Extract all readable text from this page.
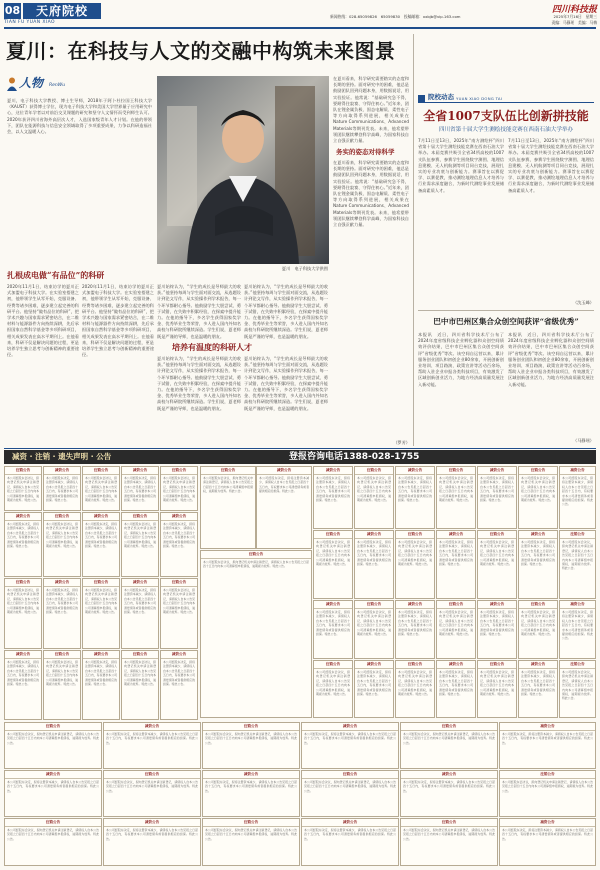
08	天府院校
TIAN FU YUAN XIAO
新闻热线：028-65059826　65059830　投稿邮箱：xxbjb@vip.163.com
四川科技报
2025年7月16日　星期三
责编：马静瑶　美编：马梅
夏川：在科技与人文的交融中构筑未来图景
人物 RenWu
夏川，电子科技大学教授、博士生导师，2018年于阿卜杜拉国王科技大学（KAUST）获得博士学位，现为电子科技大学和美国大学世界量子应用研究中心，这位青年学者以对前沿交叉课题的研究和坚守人文情怀而受到师生认可。2020年获评四川省海外高层次人才，入选国家级青年人才计划。在他的带领下，团队在能源科技与信息安全领域取得了多项重要成果，力争以科研造福社会，以人文温暖人心。
夏川　电子科技大学供图
扎根成电做“有品位”的科研
2020年11月1日，结束访学的夏川正式加盟电子科技大学。在实验室搭建之初，他带领学生从零开始，克服设备、经费等诸多困难，逐步建立起完善的科研平台。他坚持“做有品位的科研”，把学术兴趣与国家需求紧密结合，在二维材料与能源器件方向持续深耕，先后承担国家自然科学基金等多项科研项目，相关成果发表在高水平期刊上。在他看来，科研不仅是解决问题的过程，更是培养学生独立思考与创新精神的重要途径。
2020年11月1日，结束访学的夏川正式加盟电子科技大学。在实验室搭建之初，他带领学生从零开始，克服设备、经费等诸多困难，逐步建立起完善的科研平台。他坚持“做有品位的科研”，把学术兴趣与国家需求紧密结合，在二维材料与能源器件方向持续深耕，先后承担国家自然科学基金等多项科研项目，相关成果发表在高水平期刊上。在他看来，科研不仅是解决问题的过程，更是培养学生独立思考与创新精神的重要途径。
培养有温度的科研人才
夏川始终认为，“学生的成长是导师最大的收获。”他坚持每周与学生面对面交流，从选题设计到论文写作，从实验操作到学术报告，每一个环节都耐心指导。他鼓励学生大胆尝试、勇于试错，在失败中积累经验，在探索中提升能力。在他的指导下，多名学生获得国家奖学金、优秀毕业生等荣誉，多人进入国内外知名高校与科研院所继续深造。学生们说，夏老师既是严谨的导师，也是温暖的朋友。
夏川始终认为，“学生的成长是导师最大的收获。”他坚持每周与学生面对面交流，从选题设计到论文写作，从实验操作到学术报告，每一个环节都耐心指导。他鼓励学生大胆尝试、勇于试错，在失败中积累经验，在探索中提升能力。在他的指导下，多名学生获得国家奖学金、优秀毕业生等荣誉，多人进入国内外知名高校与科研院所继续深造。学生们说，夏老师既是严谨的导师，也是温暖的朋友。
夏川始终认为，“学生的成长是导师最大的收获。”他坚持每周与学生面对面交流，从选题设计到论文写作，从实验操作到学术报告，每一个环节都耐心指导。他鼓励学生大胆尝试、勇于试错，在失败中积累经验，在探索中提升能力。在他的指导下，多名学生获得国家奖学金、优秀毕业生等荣誉，多人进入国内外知名高校与科研院所继续深造。学生们说，夏老师既是严谨的导师，也是温暖的朋友。
夏川始终认为，“学生的成长是导师最大的收获。”他坚持每周与学生面对面交流，从选题设计到论文写作，从实验操作到学术报告，每一个环节都耐心指导。他鼓励学生大胆尝试、勇于试错，在失败中积累经验，在探索中提升能力。在他的指导下，多名学生获得国家奖学金、优秀毕业生等荣誉，多人进入国内外知名高校与科研院所继续深造。学生们说，夏老师既是严谨的导师，也是温暖的朋友。
在夏川看来，科学研究需要踏实的态度和长期的坚持。面对研究中的困难，他总是鼓励团队回到问题本身，用数据说话，用实验验证。他常说：“基础研究急不得，要耐得住寂寞、守得住初心。”近年来，团队在锂金属负极、固态电解质、柔性电子等方向取得系列进展，相关成果在Nature Communications、Advanced Materials等期刊发表。未来，他希望带领团队继续攀登科学高峰，为国家科技自立自强贡献力量。
务实的姿态对待科学
在夏川看来，科学研究需要踏实的态度和长期的坚持。面对研究中的困难，他总是鼓励团队回到问题本身，用数据说话，用实验验证。他常说：“基础研究急不得，要耐得住寂寞、守得住初心。”近年来，团队在锂金属负极、固态电解质、柔性电子等方向取得系列进展，相关成果在Nature Communications、Advanced Materials等期刊发表。未来，他希望带领团队继续攀登科学高峰，为国家科技自立自强贡献力量。
（罗芳）
院校动态 YUAN XIAO DONG TAI
全省1007支队伍比创新拼技能
四川省第十届大学生测绘技能竞赛在西南石油大学举办
7月11日至13日，2025年“南方测绘杯”四川省第十届大学生测绘技能竞赛在西南石油大学举办。本届竞赛共吸引全省34所高校的1007支队伍参赛，参赛学生围绕数字测图、地理信息建模、无人机航测等项目同台竞技，展现扎实的专业功底与创新能力。赛事旨在以赛促学、以赛促教，推动测绘地理信息人才培养与行业需求深度融合，为新时代测绘事业发展储备高素质人才。
7月11日至13日，2025年“南方测绘杯”四川省第十届大学生测绘技能竞赛在西南石油大学举办。本届竞赛共吸引全省34所高校的1007支队伍参赛，参赛学生围绕数字测图、地理信息建模、无人机航测等项目同台竞技，展现扎实的专业功底与创新能力。赛事旨在以赛促学、以赛促教，推动测绘地理信息人才培养与行业需求深度融合，为新时代测绘事业发展储备高素质人才。
（沈玉峰）
巴中市巴州区集合众创空间获评“省级优秀”
本报讯　近日，四川省科学技术厅公布了2024年度省级科技企业孵化器和众创空间绩效评价结果，巴中市巴州区集合众创空间获评“省级优秀”等次。该空间自运营以来，累计服务创业团队和初创企业80余家，开展创新创业培训、项目路演、政策宣讲等活动百余场，帮助入驻企业申报各类科技项目，有效激发了区域创新创业活力，为地方经济高质量发展注入新动能。
本报讯　近日，四川省科学技术厅公布了2024年度省级科技企业孵化器和众创空间绩效评价结果，巴中市巴州区集合众创空间获评“省级优秀”等次。该空间自运营以来，累计服务创业团队和初创企业80余家，开展创新创业培训、项目路演、政策宣讲等活动百余场，帮助入驻企业申报各类科技项目，有效激发了区域创新创业活力，为地方经济高质量发展注入新动能。
（马静瑶）
减资 · 注销 · 遗失声明 · 公告	登报咨询电话1388-028-1755
注销公告
本公司经股东会决议，拟向登记机关申请注销登记，请债权人自本公告见报之日起四十五日内向本公司清算组申报债权，逾期视为放弃。特此公告。
减资公告
本公司经股东决定，拟将注册资本减少，请债权人自本公告见报之日起四十五日内，有权要求本公司清偿债务或者提供相应的担保。特此公告。
注销公告
本公司经股东会决议，拟向登记机关申请注销登记，请债权人自本公告见报之日起四十五日内向本公司清算组申报债权，逾期视为放弃。特此公告。
减资公告
本公司经股东决定，拟将注册资本减少，请债权人自本公告见报之日起四十五日内，有权要求本公司清偿债务或者提供相应的担保。特此公告。
减资公告
本公司经股东决定，拟将注册资本减少，请债权人自本公告见报之日起四十五日内，有权要求本公司清偿债务或者提供相应的担保。特此公告。
注销公告
本公司经股东会决议，拟向登记机关申请注销登记，请债权人自本公告见报之日起四十五日内向本公司清算组申报债权，逾期视为放弃。特此公告。
减资公告
本公司经股东决定，拟将注册资本减少，请债权人自本公告见报之日起四十五日内，有权要求本公司清偿债务或者提供相应的担保。特此公告。
注销公告
本公司经股东会决议，拟向登记机关申请注销登记，请债权人自本公告见报之日起四十五日内向本公司清算组申报债权，逾期视为放弃。特此公告。
注销公告
本公司经股东会决议，拟向登记机关申请注销登记，请债权人自本公告见报之日起四十五日内向本公司清算组申报债权，逾期视为放弃。特此公告。
减资公告
本公司经股东决定，拟将注册资本减少，请债权人自本公告见报之日起四十五日内，有权要求本公司清偿债务或者提供相应的担保。特此公告。
注销公告
本公司经股东会决议，拟向登记机关申请注销登记，请债权人自本公告见报之日起四十五日内向本公司清算组申报债权，逾期视为放弃。特此公告。
减资公告
本公司经股东决定，拟将注册资本减少，请债权人自本公告见报之日起四十五日内，有权要求本公司清偿债务或者提供相应的担保。特此公告。
减资公告
本公司经股东决定，拟将注册资本减少，请债权人自本公告见报之日起四十五日内，有权要求本公司清偿债务或者提供相应的担保。特此公告。
注销公告
本公司经股东会决议，拟向登记机关申请注销登记，请债权人自本公告见报之日起四十五日内向本公司清算组申报债权，逾期视为放弃。特此公告。
减资公告
本公司经股东决定，拟将注册资本减少，请债权人自本公告见报之日起四十五日内，有权要求本公司清偿债务或者提供相应的担保。特此公告。
注销公告
本公司经股东会决议，拟向登记机关申请注销登记，请债权人自本公告见报之日起四十五日内向本公司清算组申报债权，逾期视为放弃。特此公告。
注销公告
本公司经股东会决议，拟向登记机关申请注销登记，请债权人自本公告见报之日起四十五日内向本公司清算组申报债权，逾期视为放弃。特此公告。
减资公告
本公司经股东决定，拟将注册资本减少，请债权人自本公告见报之日起四十五日内，有权要求本公司清偿债务或者提供相应的担保。特此公告。
注销公告
本公司经股东会决议，拟向登记机关申请注销登记，请债权人自本公告见报之日起四十五日内向本公司清算组申报债权，逾期视为放弃。特此公告。
减资公告
本公司经股东决定，拟将注册资本减少，请债权人自本公告见报之日起四十五日内，有权要求本公司清偿债务或者提供相应的担保。特此公告。
注销公告
本公司经股东会决议，拟向登记机关申请注销登记，请债权人自本公告见报之日起四十五日内向本公司清算组申报债权，逾期视为放弃。特此公告。
减资公告
本公司经股东决定，拟将注册资本减少，请债权人自本公告见报之日起四十五日内，有权要求本公司清偿债务或者提供相应的担保。特此公告。
注销公告
本公司经股东会决议，拟向登记机关申请注销登记，请债权人自本公告见报之日起四十五日内向本公司清算组申报债权，逾期视为放弃。特此公告。
减资公告
本公司经股东决定，拟将注册资本减少，请债权人自本公告见报之日起四十五日内，有权要求本公司清偿债务或者提供相应的担保。特此公告。
注销公告
本公司经股东会决议，拟向登记机关申请注销登记，请债权人自本公告见报之日起四十五日内向本公司清算组申报债权，逾期视为放弃。特此公告。
减资公告
本公司经股东决定，拟将注册资本减少，请债权人自本公告见报之日起四十五日内，有权要求本公司清偿债务或者提供相应的担保。特此公告。
注销公告
本公司经股东会决议，拟向登记机关申请注销登记，请债权人自本公告见报之日起四十五日内向本公司清算组申报债权，逾期视为放弃。特此公告。
注销公告
本公司经股东会决议，拟向登记机关申请注销登记，请债权人自本公告见报之日起四十五日内向本公司清算组申报债权，逾期视为放弃。特此公告。
减资公告
本公司经股东决定，拟将注册资本减少，请债权人自本公告见报之日起四十五日内，有权要求本公司清偿债务或者提供相应的担保。特此公告。
注销公告
本公司经股东会决议，拟向登记机关申请注销登记，请债权人自本公告见报之日起四十五日内向本公司清算组申报债权，逾期视为放弃。特此公告。
减资公告
本公司经股东决定，拟将注册资本减少，请债权人自本公告见报之日起四十五日内，有权要求本公司清偿债务或者提供相应的担保。特此公告。
减资公告
本公司经股东决定，拟将注册资本减少，请债权人自本公告见报之日起四十五日内，有权要求本公司清偿债务或者提供相应的担保。特此公告。
注销公告
本公司经股东会决议，拟向登记机关申请注销登记，请债权人自本公告见报之日起四十五日内向本公司清算组申报债权，逾期视为放弃。特此公告。
减资公告
本公司经股东决定，拟将注册资本减少，请债权人自本公告见报之日起四十五日内，有权要求本公司清偿债务或者提供相应的担保。特此公告。
注销公告
本公司经股东会决议，拟向登记机关申请注销登记，请债权人自本公告见报之日起四十五日内向本公司清算组申报债权，逾期视为放弃。特此公告。
注销公告
本公司经股东会决议，拟向登记机关申请注销登记，请债权人自本公告见报之日起四十五日内向本公司清算组申报债权，逾期视为放弃。特此公告。
减资公告
本公司经股东决定，拟将注册资本减少，请债权人自本公告见报之日起四十五日内，有权要求本公司清偿债务或者提供相应的担保。特此公告。
注销公告
本公司经股东会决议，拟向登记机关申请注销登记，请债权人自本公告见报之日起四十五日内向本公司清算组申报债权，逾期视为放弃。特此公告。
减资公告
本公司经股东决定，拟将注册资本减少，请债权人自本公告见报之日起四十五日内，有权要求本公司清偿债务或者提供相应的担保。特此公告。
减资公告
本公司经股东决定，拟将注册资本减少，请债权人自本公告见报之日起四十五日内，有权要求本公司清偿债务或者提供相应的担保。特此公告。
注销公告
本公司经股东会决议，拟向登记机关申请注销登记，请债权人自本公告见报之日起四十五日内向本公司清算组申报债权，逾期视为放弃。特此公告。
减资公告
本公司经股东决定，拟将注册资本减少，请债权人自本公告见报之日起四十五日内，有权要求本公司清偿债务或者提供相应的担保。特此公告。
注销公告
本公司经股东会决议，拟向登记机关申请注销登记，请债权人自本公告见报之日起四十五日内向本公司清算组申报债权，逾期视为放弃。特此公告。
注销公告
本公司经股东会决议，拟向登记机关申请注销登记，请债权人自本公告见报之日起四十五日内向本公司清算组申报债权，逾期视为放弃。特此公告。
减资公告
本公司经股东决定，拟将注册资本减少，请债权人自本公告见报之日起四十五日内，有权要求本公司清偿债务或者提供相应的担保。特此公告。
注销公告
本公司经股东会决议，拟向登记机关申请注销登记，请债权人自本公告见报之日起四十五日内向本公司清算组申报债权，逾期视为放弃。特此公告。
减资公告
本公司经股东决定，拟将注册资本减少，请债权人自本公告见报之日起四十五日内，有权要求本公司清偿债务或者提供相应的担保。特此公告。
减资公告
本公司经股东决定，拟将注册资本减少，请债权人自本公告见报之日起四十五日内，有权要求本公司清偿债务或者提供相应的担保。特此公告。
注销公告
本公司经股东会决议，拟向登记机关申请注销登记，请债权人自本公告见报之日起四十五日内向本公司清算组申报债权，逾期视为放弃。特此公告。
减资公告
本公司经股东决定，拟将注册资本减少，请债权人自本公告见报之日起四十五日内，有权要求本公司清偿债务或者提供相应的担保。特此公告。
注销公告
本公司经股东会决议，拟向登记机关申请注销登记，请债权人自本公告见报之日起四十五日内向本公司清算组申报债权，逾期视为放弃。特此公告。
注销公告
本公司经股东会决议，拟向登记机关申请注销登记，请债权人自本公告见报之日起四十五日内向本公司清算组申报债权，逾期视为放弃。特此公告。
减资公告
本公司经股东决定，拟将注册资本减少，请债权人自本公告见报之日起四十五日内，有权要求本公司清偿债务或者提供相应的担保。特此公告。
注销公告
本公司经股东会决议，拟向登记机关申请注销登记，请债权人自本公告见报之日起四十五日内向本公司清算组申报债权，逾期视为放弃。特此公告。
减资公告
本公司经股东决定，拟将注册资本减少，请债权人自本公告见报之日起四十五日内，有权要求本公司清偿债务或者提供相应的担保。特此公告。
注销公告
本公司经股东会决议，拟向登记机关申请注销登记，请债权人自本公告见报之日起四十五日内向本公司清算组申报债权，逾期视为放弃。特此公告。
减资公告
本公司经股东决定，拟将注册资本减少，请债权人自本公告见报之日起四十五日内，有权要求本公司清偿债务或者提供相应的担保。特此公告。
减资公告
本公司经股东决定，拟将注册资本减少，请债权人自本公告见报之日起四十五日内，有权要求本公司清偿债务或者提供相应的担保。特此公告。
注销公告
本公司经股东会决议，拟向登记机关申请注销登记，请债权人自本公告见报之日起四十五日内向本公司清算组申报债权，逾期视为放弃。特此公告。
减资公告
本公司经股东决定，拟将注册资本减少，请债权人自本公告见报之日起四十五日内，有权要求本公司清偿债务或者提供相应的担保。特此公告。
注销公告
本公司经股东会决议，拟向登记机关申请注销登记，请债权人自本公告见报之日起四十五日内向本公司清算组申报债权，逾期视为放弃。特此公告。
减资公告
本公司经股东决定，拟将注册资本减少，请债权人自本公告见报之日起四十五日内，有权要求本公司清偿债务或者提供相应的担保。特此公告。
注销公告
本公司经股东会决议，拟向登记机关申请注销登记，请债权人自本公告见报之日起四十五日内向本公司清算组申报债权，逾期视为放弃。特此公告。
注销公告
本公司经股东会决议，拟向登记机关申请注销登记，请债权人自本公告见报之日起四十五日内向本公司清算组申报债权，逾期视为放弃。特此公告。
减资公告
本公司经股东决定，拟将注册资本减少，请债权人自本公告见报之日起四十五日内，有权要求本公司清偿债务或者提供相应的担保。特此公告。
注销公告
本公司经股东会决议，拟向登记机关申请注销登记，请债权人自本公告见报之日起四十五日内向本公司清算组申报债权，逾期视为放弃。特此公告。
减资公告
本公司经股东决定，拟将注册资本减少，请债权人自本公告见报之日起四十五日内，有权要求本公司清偿债务或者提供相应的担保。特此公告。
注销公告
本公司经股东会决议，拟向登记机关申请注销登记，请债权人自本公告见报之日起四十五日内向本公司清算组申报债权，逾期视为放弃。特此公告。
减资公告
本公司经股东决定，拟将注册资本减少，请债权人自本公告见报之日起四十五日内，有权要求本公司清偿债务或者提供相应的担保。特此公告。
